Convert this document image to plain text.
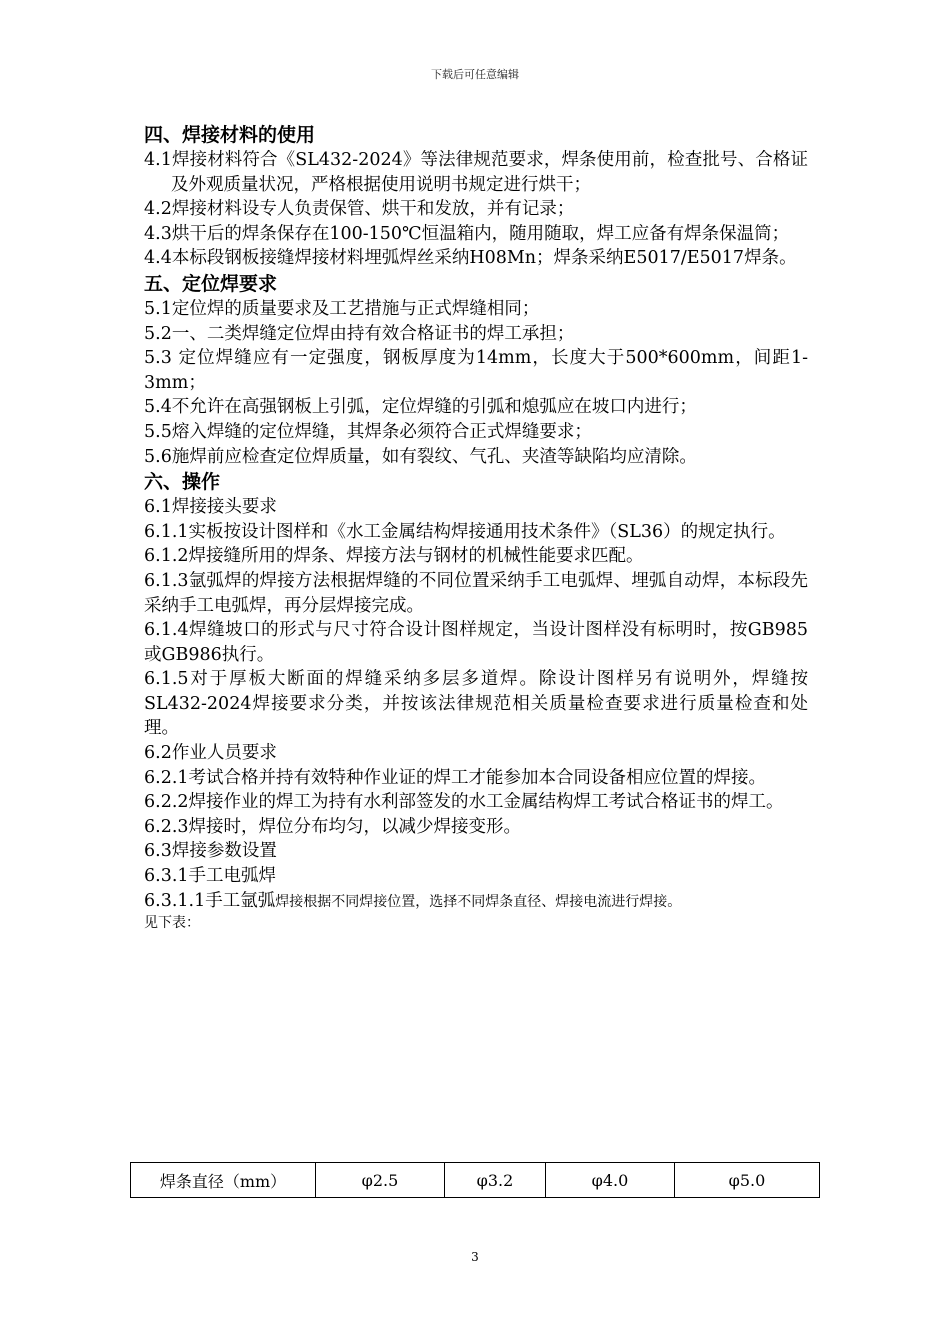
下载后可任意编辑

四、焊接材料的使用

4.1焊接材料符合《SL432-2024》等法律规范要求，焊条使用前，检查批号、合格证及外观质量状况，严格根据使用说明书规定进行烘干；

4.2焊接材料设专人负责保管、烘干和发放，并有记录；

4.3烘干后的焊条保存在100-150℃恒温箱内，随用随取，焊工应备有焊条保温筒；

4.4本标段钢板接缝焊接材料埋弧焊丝采纳H08Mn；焊条采纳E5017/E5017焊条。

五、定位焊要求

5.1定位焊的质量要求及工艺措施与正式焊缝相同；

5.2一、二类焊缝定位焊由持有效合格证书的焊工承担；

5.3 定位焊缝应有一定强度，钢板厚度为14mm，长度大于500*600mm，间距1-3mm；

5.4不允许在高强钢板上引弧，定位焊缝的引弧和熄弧应在坡口内进行；

5.5熔入焊缝的定位焊缝，其焊条必须符合正式焊缝要求；

5.6施焊前应检查定位焊质量，如有裂纹、气孔、夹渣等缺陷均应清除。

六、操作

6.1焊接接头要求

6.1.1实板按设计图样和《水工金属结构焊接通用技术条件》（SL36）的规定执行。

6.1.2焊接缝所用的焊条、焊接方法与钢材的机械性能要求匹配。

6.1.3氩弧焊的焊接方法根据焊缝的不同位置采纳手工电弧焊、埋弧自动焊，本标段先采纳手工电弧焊，再分层焊接完成。

6.1.4焊缝坡口的形式与尺寸符合设计图样规定，当设计图样没有标明时，按GB985或GB986执行。

6.1.5对于厚板大断面的焊缝采纳多层多道焊。除设计图样另有说明外，焊缝按SL432-2024焊接要求分类，并按该法律规范相关质量检查要求进行质量检查和处理。

6.2作业人员要求

6.2.1考试合格并持有效特种作业证的焊工才能参加本合同设备相应位置的焊接。

6.2.2焊接作业的焊工为持有水利部签发的水工金属结构焊工考试合格证书的焊工。

6.2.3焊接时，焊位分布均匀，以减少焊接变形。

6.3焊接参数设置

6.3.1手工电弧焊

6.3.1.1手工氩弧焊接根据不同焊接位置，选择不同焊条直径、焊接电流进行焊接。

见下表：

焊条直径（mm）	φ2.5	φ3.2	φ4.0	φ5.0
3
